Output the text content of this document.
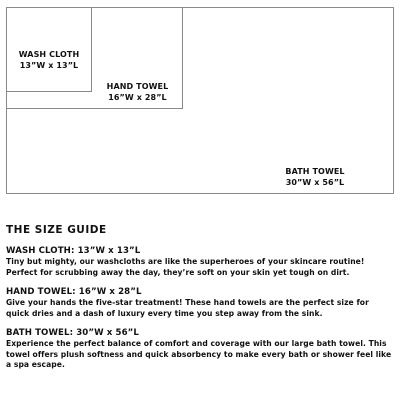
WASH CLOTH
13”W x 13”L
HAND TOWEL
16”W x 28”L
BATH TOWEL
30”W x 56”L
THE SIZE GUIDE
WASH CLOTH: 13”W x 13”L
Tiny but mighty, our washcloths are like the superheroes of your skincare routine! Perfect for scrubbing away the day, they’re soft on your skin yet tough on dirt.
HAND TOWEL: 16”W x 28”L
Give your hands the five-star treatment! These hand towels are the perfect size for quick dries and a dash of luxury every time you step away from the sink.
BATH TOWEL: 30”W x 56”L
Experience the perfect balance of comfort and coverage with our large bath towel. This towel offers plush softness and quick absorbency to make every bath or shower feel like a spa escape.
